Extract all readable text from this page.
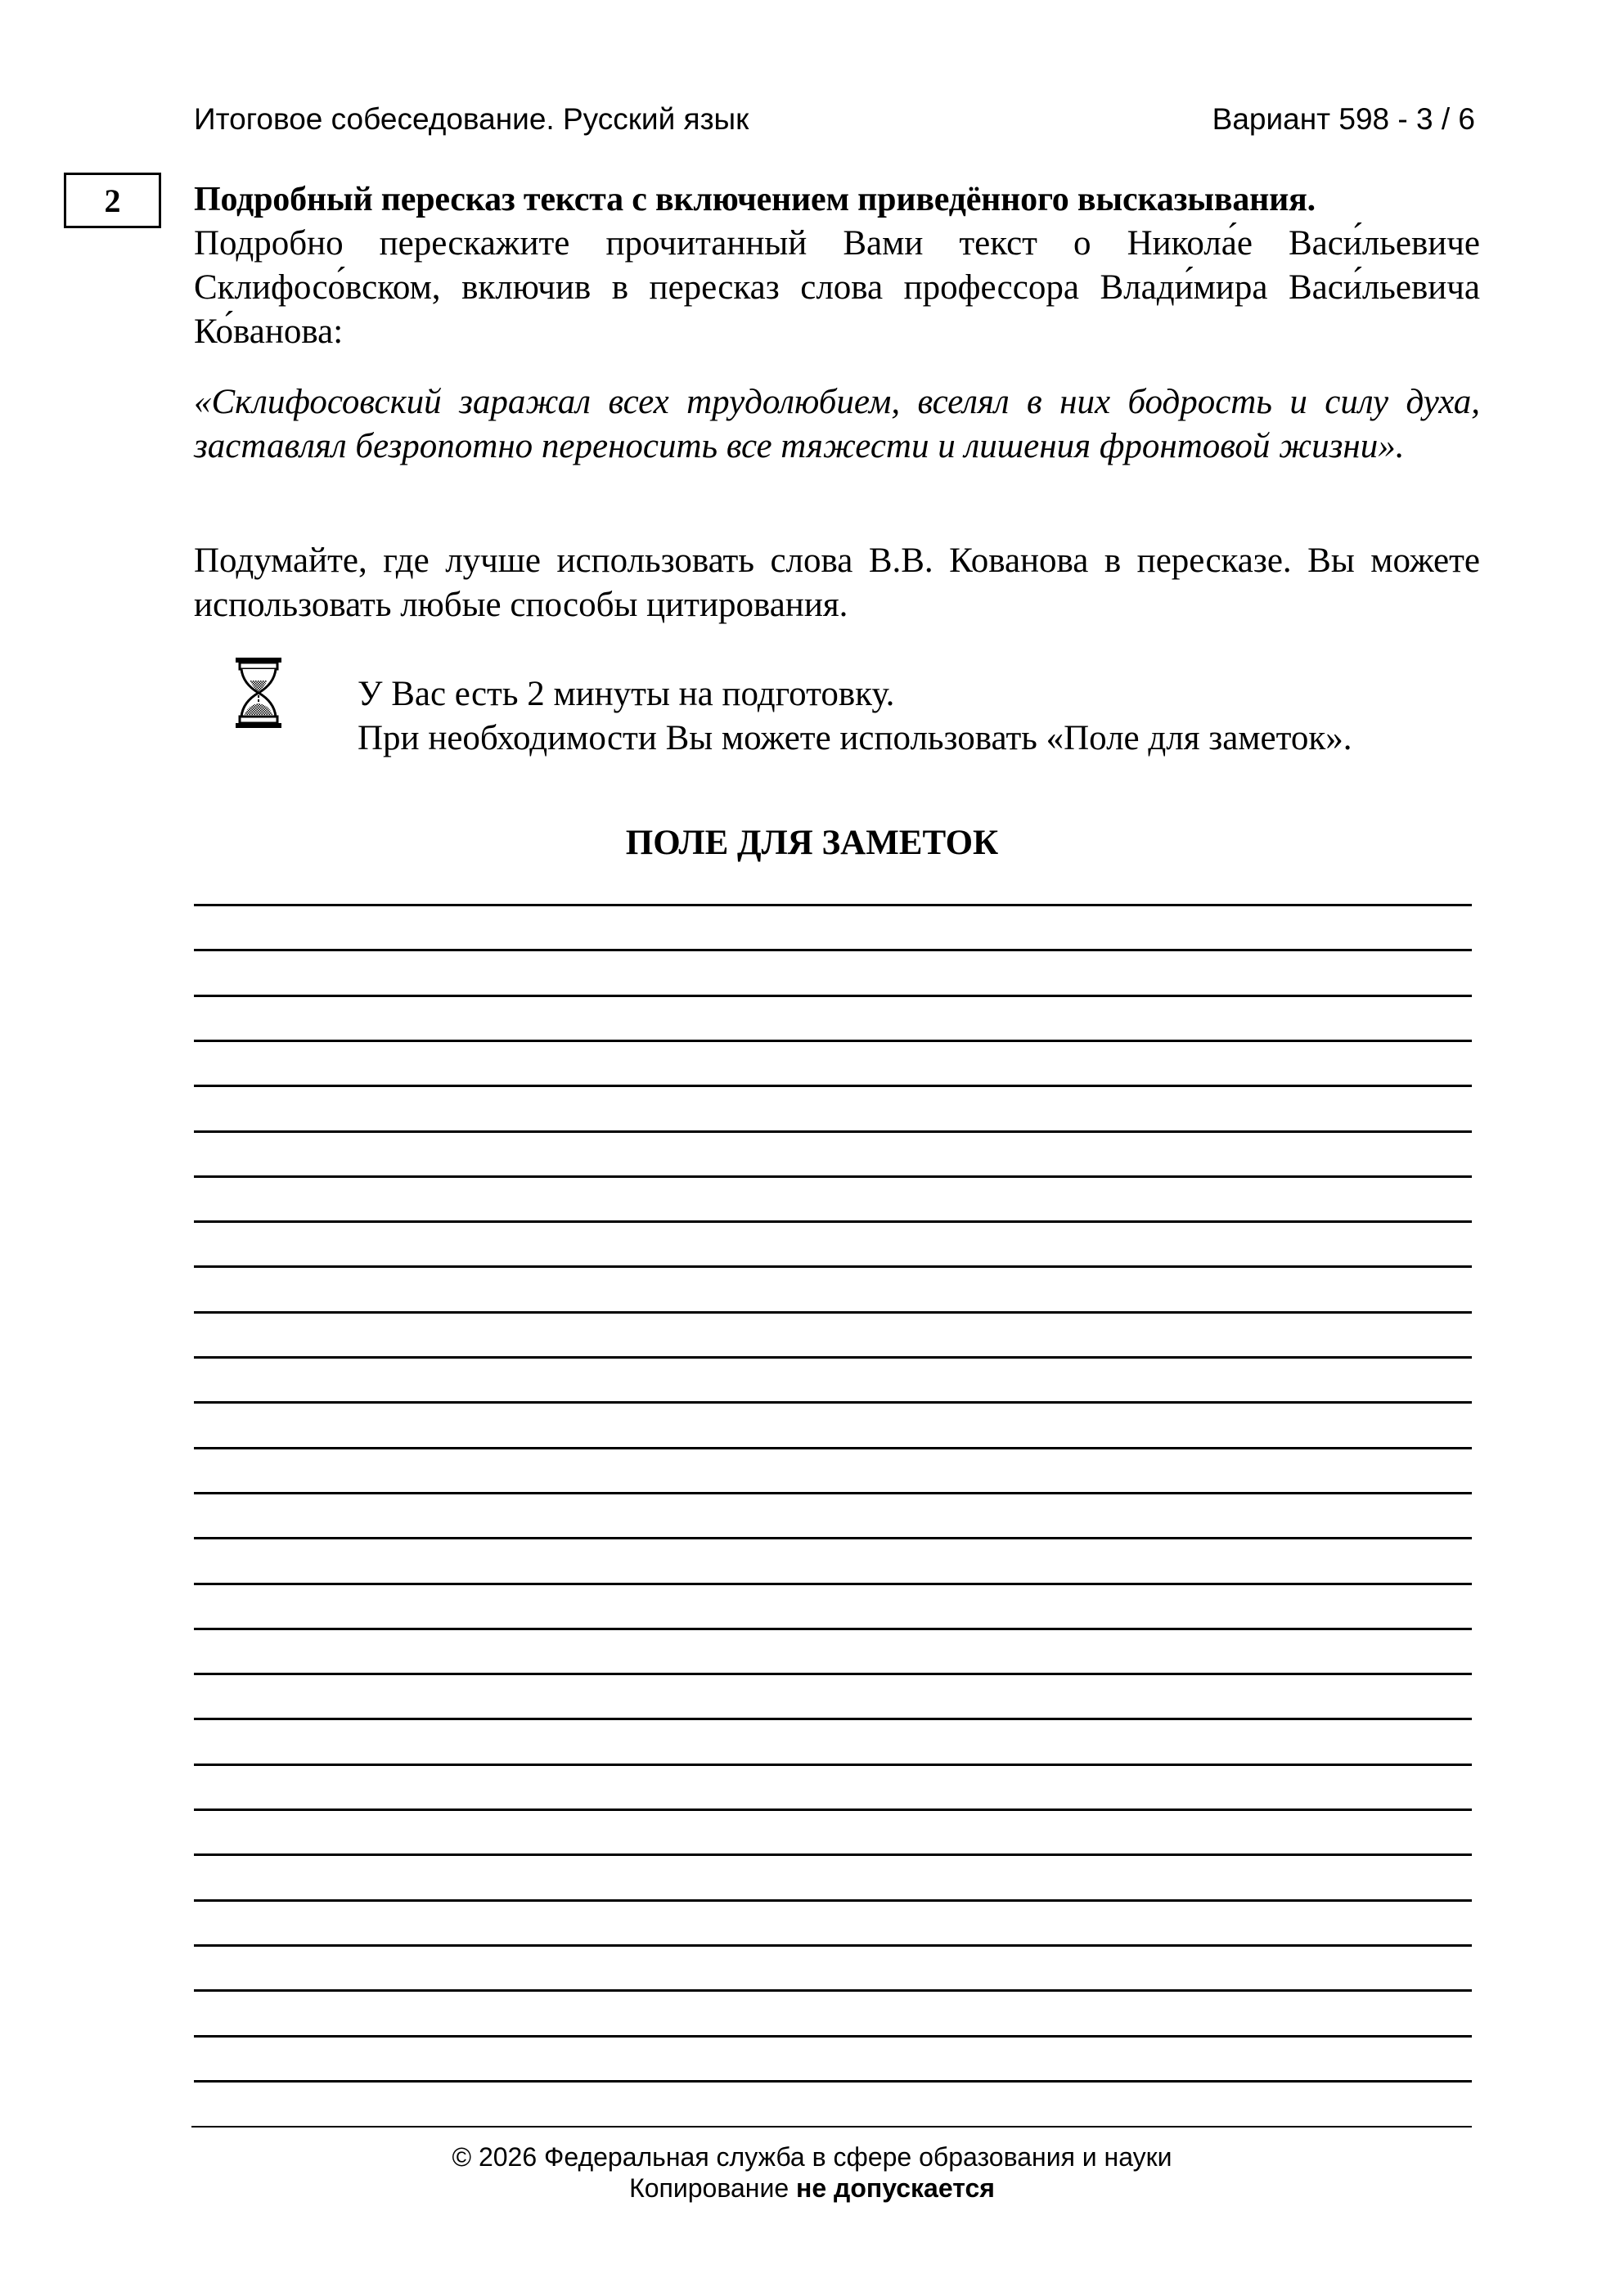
Итоговое собеседование. Русский язык	Вариант 598 - 3 / 6
2 Подробный пересказ текста с включением приведённого высказывания.

Подробно перескажите прочитанный Вами текст о Никола́е Васи́льевиче Склифосо́вском, включив в пересказ слова профессора Влади́мира Васи́льевича Ко́ванова:

«Склифосовский заражал всех трудолюбием, вселял в них бодрость и силу духа, заставлял безропотно переносить все тяжести и лишения фронтовой жизни».

Подумайте, где лучше использовать слова В.В. Кованова в пересказе. Вы можете использовать любые способы цитирования.

У Вас есть 2 минуты на подготовку.
При необходимости Вы можете использовать «Поле для заметок».
ПОЛЕ ДЛЯ ЗАМЕТОК
© 2026 Федеральная служба в сфере образования и науки
Копирование не допускается
